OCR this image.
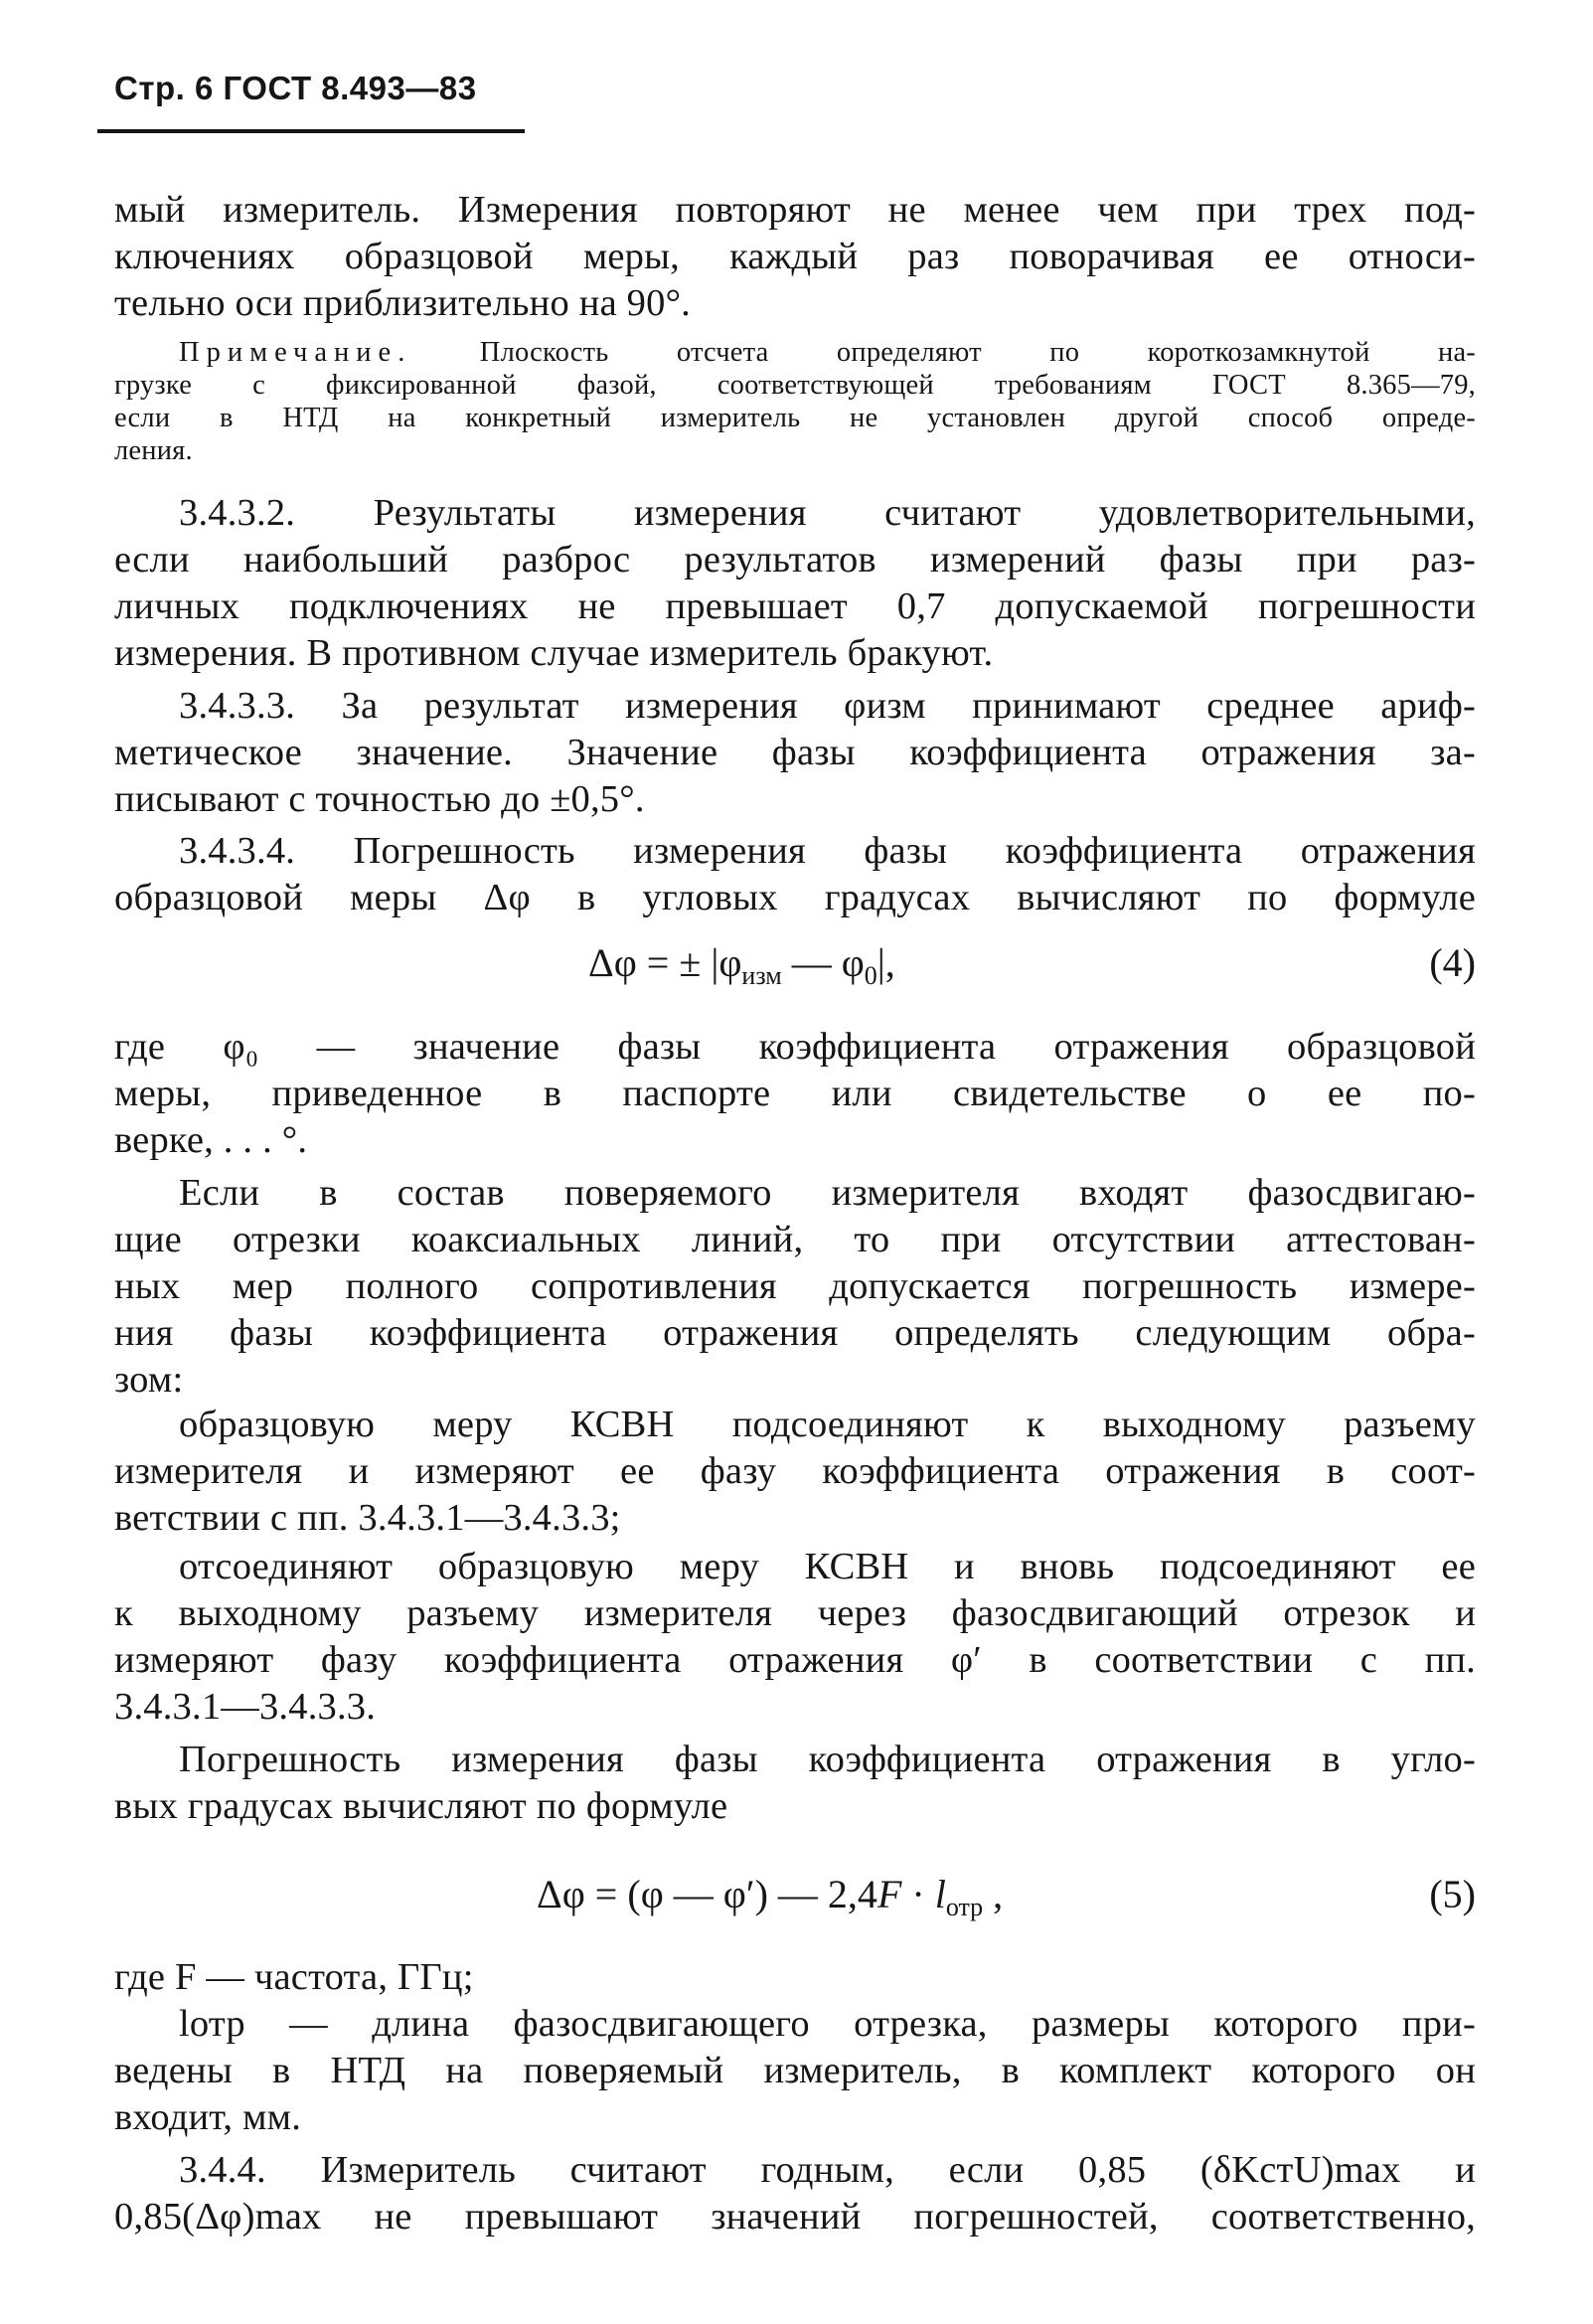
Стр. 6 ГОСТ 8.493—83
мый измеритель. Измерения повторяют не менее чем при трех под-
ключениях образцовой меры, каждый раз поворачивая ее относи-
тельно оси приблизительно на 90°.
Примечание. Плоскость отсчета определяют по короткозамкнутой на-
грузке с фиксированной фазой, соответствующей требованиям ГОСТ 8.365—79,
если в НТД на конкретный измеритель не установлен другой способ опреде-
ления.
3.4.3.2. Результаты измерения считают удовлетворительными,
если наибольший разброс результатов измерений фазы при раз-
личных подключениях не превышает 0,7 допускаемой погрешности
измерения. В противном случае измеритель бракуют.
3.4.3.3. За результат измерения φизм принимают среднее ариф-
метическое значение. Значение фазы коэффициента отражения за-
писывают с точностью до ±0,5°.
3.4.3.4. Погрешность измерения фазы коэффициента отражения
образцовой меры Δφ в угловых градусах вычисляют по формуле
Δφ = ± $|\varphi_{изм}$ — $\varphi_0|$,	(4)
где φ₀ — значение фазы коэффициента отражения образцовой
меры, приведенное в паспорте или свидетельстве о ее по-
верке, . . . °.
Если в состав поверяемого измерителя входят фазосдвигаю-
щие отрезки коаксиальных линий, то при отсутствии аттестован-
ных мер полного сопротивления допускается погрешность измере-
ния фазы коэффициента отражения определять следующим обра-
зом:
образцовую меру КСВН подсоединяют к выходному разъему
измерителя и измеряют ее фазу коэффициента отражения в соот-
ветствии с пп. 3.4.3.1—3.4.3.3;
отсоединяют образцовую меру КСВН и вновь подсоединяют ее
к выходному разъему измерителя через фазосдвигающий отрезок и
измеряют фазу коэффициента отражения φ′ в соответствии с пп.
3.4.3.1—3.4.3.3.
Погрешность измерения фазы коэффициента отражения в угло-
вых градусах вычисляют по формуле
Δφ = (φ — φ′) — $2,4F \cdot l_{отр}$ ,	(5)
где F — частота, ГГц;
lотр — длина фазосдвигающего отрезка, размеры которого при-
ведены в НТД на поверяемый измеритель, в комплект которого он
входит, мм.
3.4.4. Измеритель считают годным, если 0,85 (δKстU)max и
0,85(Δφ)max не превышают значений погрешностей, соответственно,
